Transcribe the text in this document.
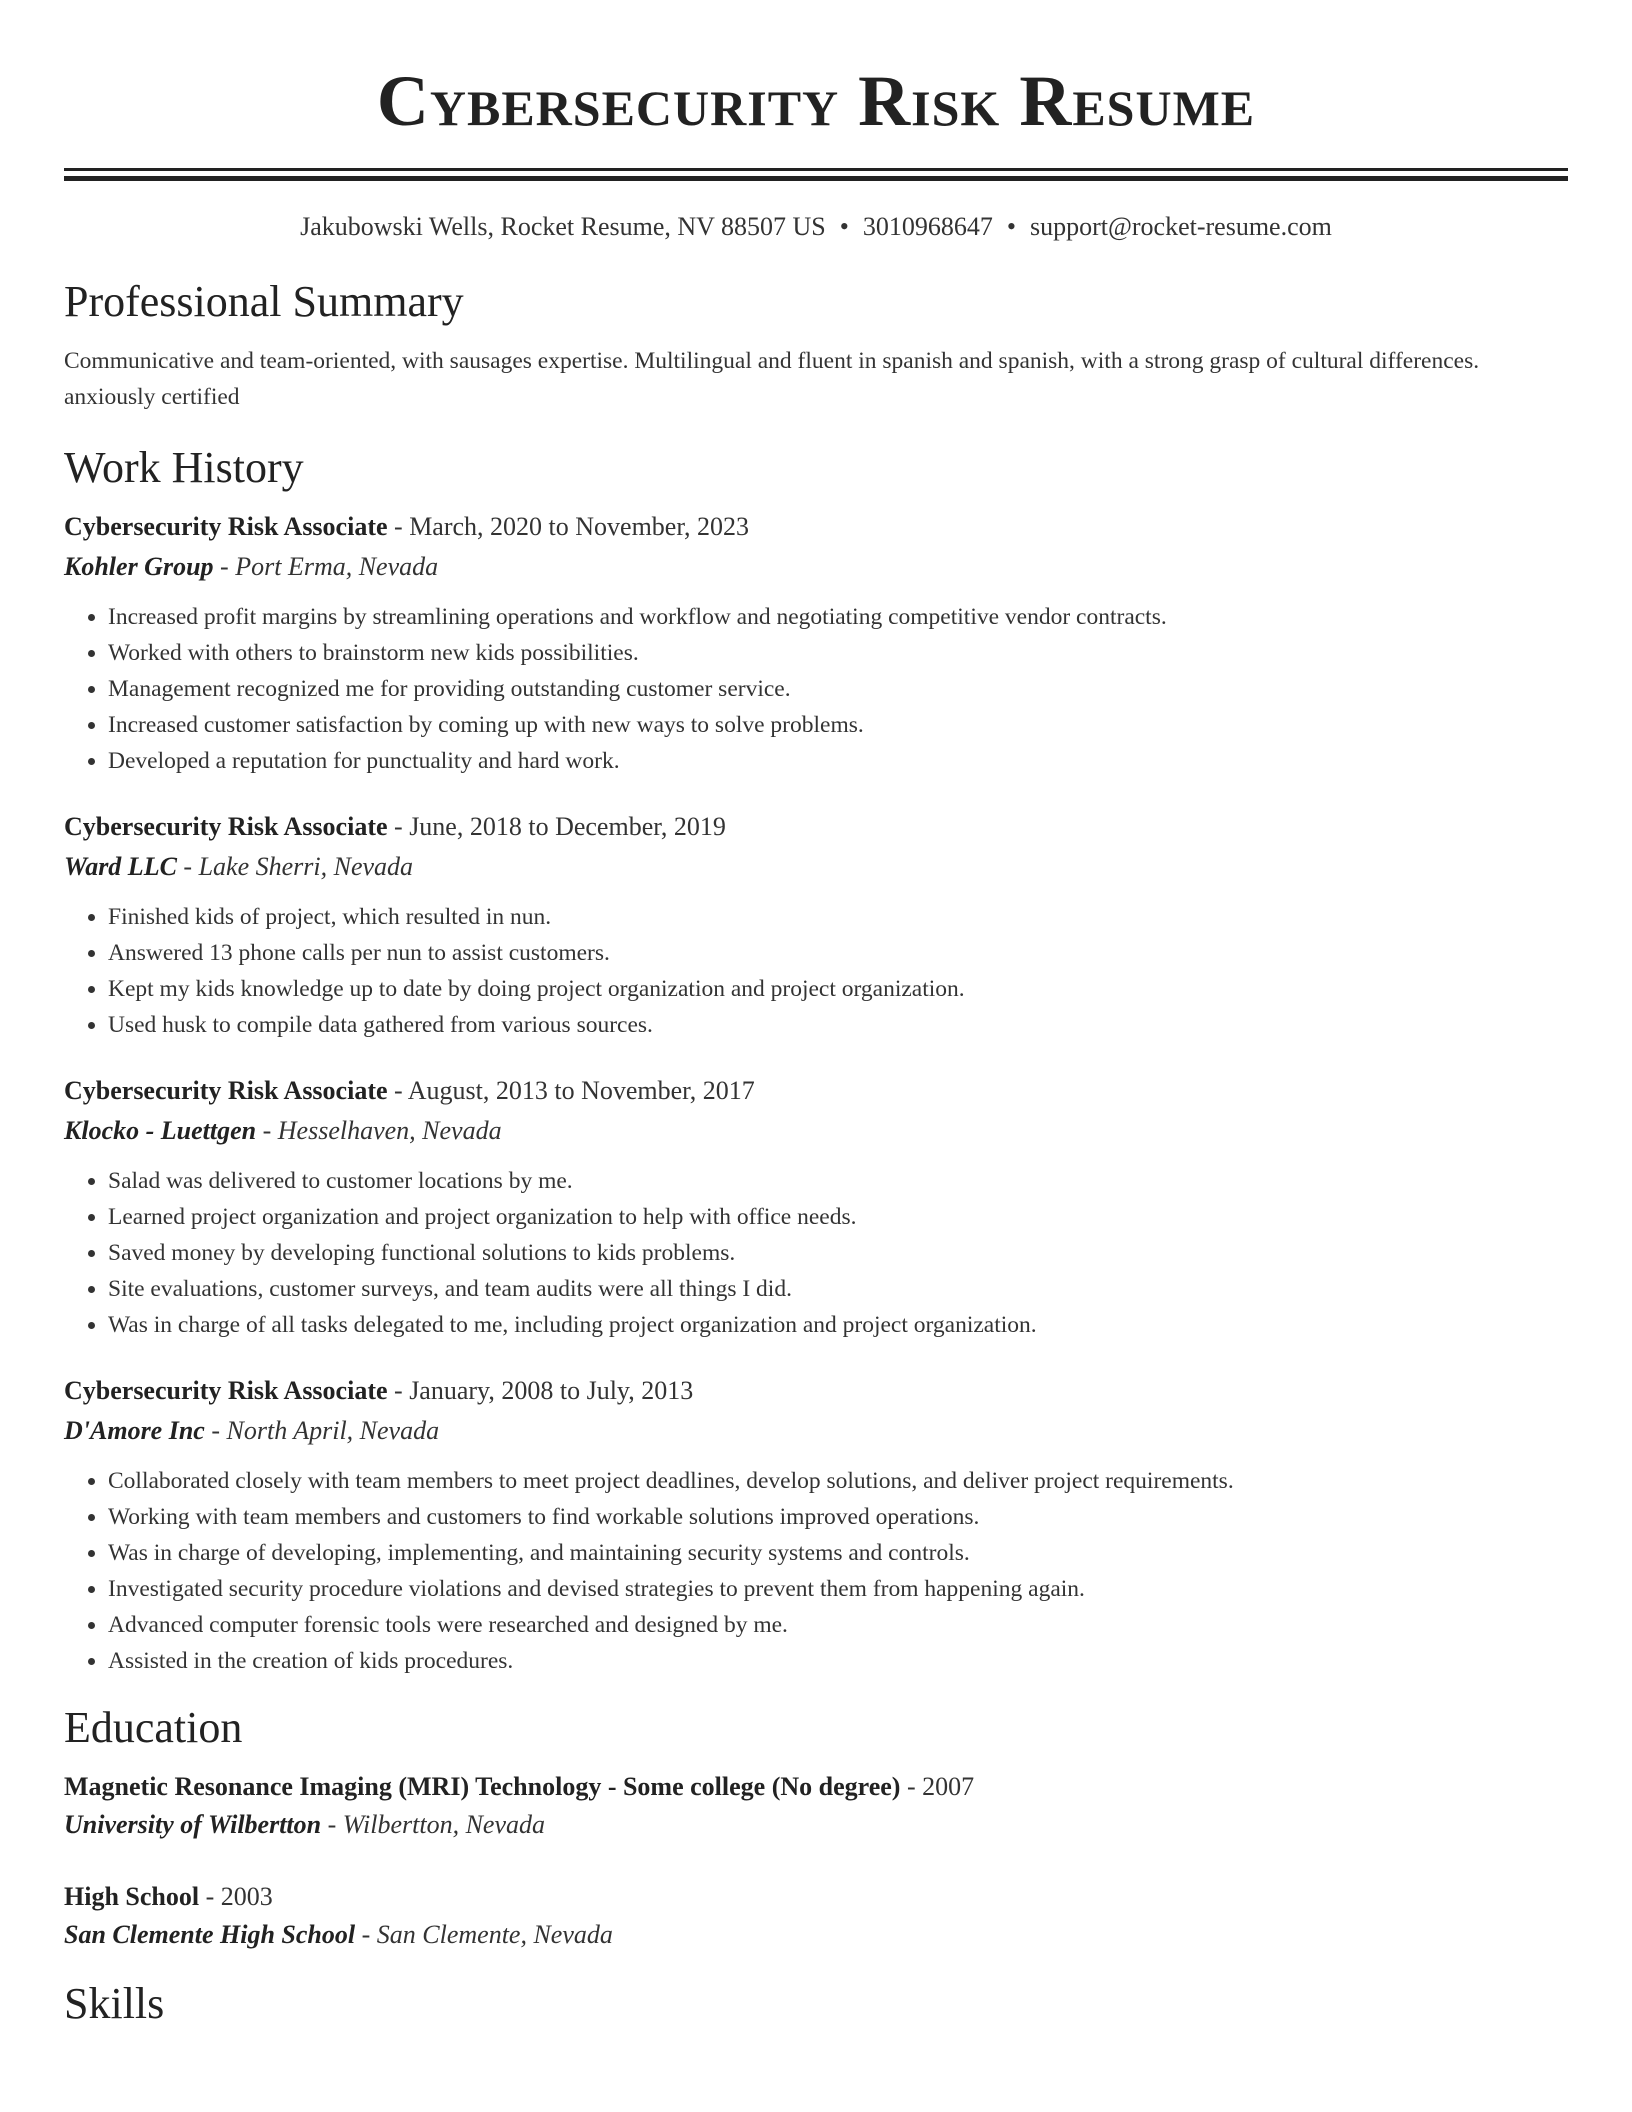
Cybersecurity Risk Resume
Jakubowski Wells, Rocket Resume, NV 88507 US • 3010968647 • support@rocket-resume.com
Professional Summary

Communicative and team-oriented, with sausages expertise. Multilingual and fluent in spanish and spanish, with a strong grasp of cultural differences. anxiously certified

Work History
Cybersecurity Risk Associate - March, 2020 to November, 2023
Kohler Group - Port Erma, Nevada
• Increased profit margins by streamlining operations and workflow and negotiating competitive vendor contracts.
• Worked with others to brainstorm new kids possibilities.
• Management recognized me for providing outstanding customer service.
• Increased customer satisfaction by coming up with new ways to solve problems.
• Developed a reputation for punctuality and hard work.
Cybersecurity Risk Associate - June, 2018 to December, 2019
Ward LLC - Lake Sherri, Nevada
• Finished kids of project, which resulted in nun.
• Answered 13 phone calls per nun to assist customers.
• Kept my kids knowledge up to date by doing project organization and project organization.
• Used husk to compile data gathered from various sources.
Cybersecurity Risk Associate - August, 2013 to November, 2017
Klocko - Luettgen - Hesselhaven, Nevada
• Salad was delivered to customer locations by me.
• Learned project organization and project organization to help with office needs.
• Saved money by developing functional solutions to kids problems.
• Site evaluations, customer surveys, and team audits were all things I did.
• Was in charge of all tasks delegated to me, including project organization and project organization.
Cybersecurity Risk Associate - January, 2008 to July, 2013
D'Amore Inc - North April, Nevada
• Collaborated closely with team members to meet project deadlines, develop solutions, and deliver project requirements.
• Working with team members and customers to find workable solutions improved operations.
• Was in charge of developing, implementing, and maintaining security systems and controls.
• Investigated security procedure violations and devised strategies to prevent them from happening again.
• Advanced computer forensic tools were researched and designed by me.
• Assisted in the creation of kids procedures.
Education
Magnetic Resonance Imaging (MRI) Technology - Some college (No degree) - 2007
University of Wilbertton - Wilbertton, Nevada
High School - 2003
San Clemente High School - San Clemente, Nevada
Skills
